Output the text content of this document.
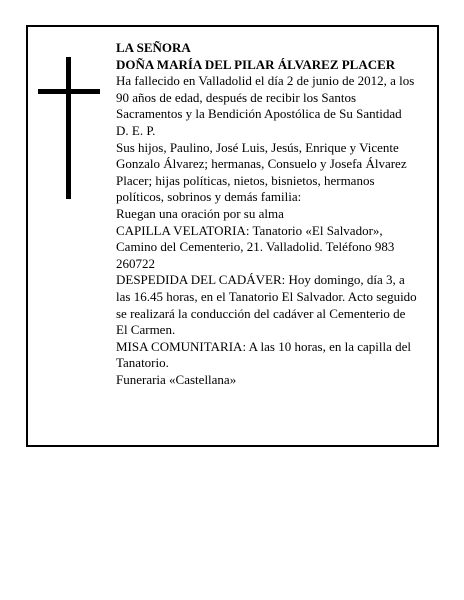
LA SEÑORA

DOÑA MARÍA DEL PILAR ÁLVAREZ PLACER

Ha fallecido en Valladolid el día 2 de junio de 2012, a los 90 años de edad, después de recibir los Santos Sacramentos y la Bendición Apostólica de Su Santidad

D. E. P.

Sus hijos, Paulino, José Luis, Jesús, Enrique y Vicente Gonzalo Álvarez; hermanas, Consuelo y Josefa Álvarez Placer; hijas políticas, nietos, bisnietos, hermanos políticos, sobrinos y demás familia:

Ruegan una oración por su alma

CAPILLA VELATORIA: Tanatorio «El Salvador», Camino del Cementerio, 21. Valladolid. Teléfono 983 260722

DESPEDIDA DEL CADÁVER: Hoy domingo, día 3, a las 16.45 horas, en el Tanatorio El Salvador. Acto seguido se realizará la conducción del cadáver al Cementerio de El Carmen.

MISA COMUNITARIA: A las 10 horas, en la capilla del Tanatorio.

Funeraria «Castellana»
